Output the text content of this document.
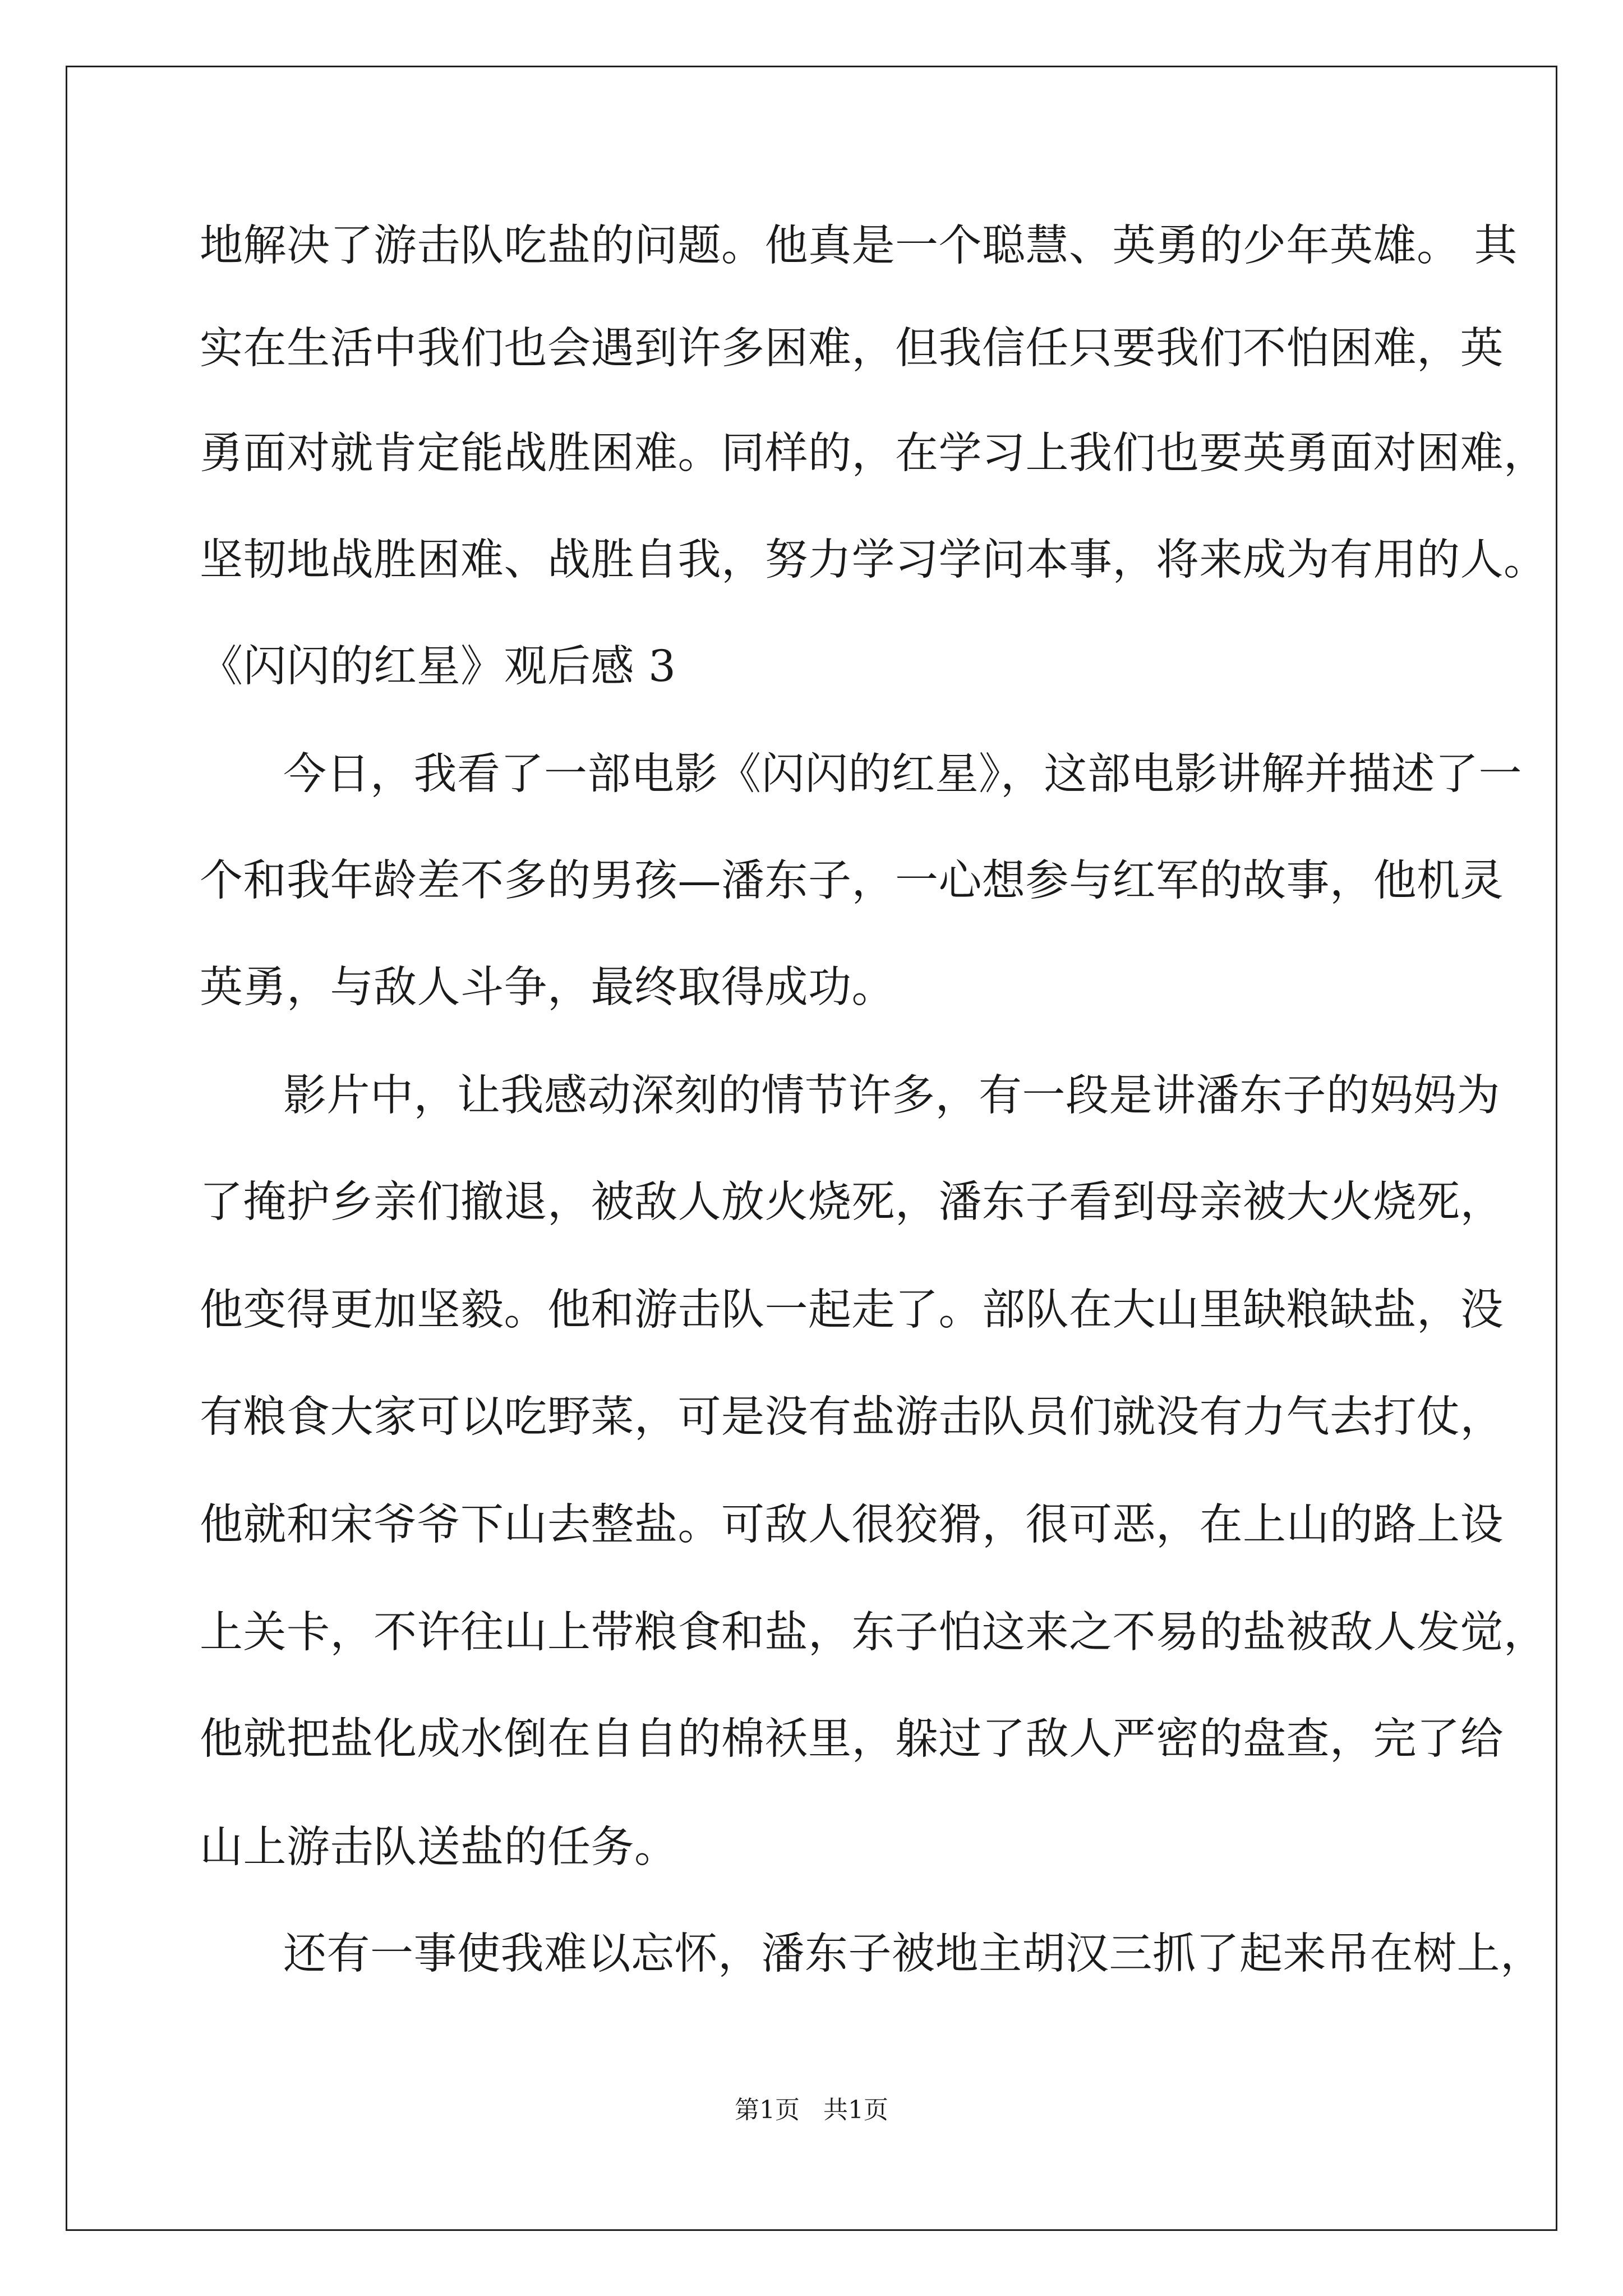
地解决了游击队吃盐的问题。他真是一个聪慧、英勇的少年英雄。 其
实在生活中我们也会遇到许多困难，但我信任只要我们不怕困难，英
勇面对就肯定能战胜困难。同样的，在学习上我们也要英勇面对困难，
坚韧地战胜困难、战胜自我，努力学习学问本事，将来成为有用的人。
《闪闪的红星》观后感 3
今日，我看了一部电影《闪闪的红星》，这部电影讲解并描述了一
个和我年龄差不多的男孩—潘东子，一心想参与红军的故事，他机灵
英勇，与敌人斗争，最终取得成功。
影片中，让我感动深刻的情节许多，有一段是讲潘东子的妈妈为
了掩护乡亲们撤退，被敌人放火烧死，潘东子看到母亲被大火烧死，
他变得更加坚毅。他和游击队一起走了。部队在大山里缺粮缺盐，没
有粮食大家可以吃野菜，可是没有盐游击队员们就没有力气去打仗，
他就和宋爷爷下山去整盐。可敌人很狡猾，很可恶，在上山的路上设
上关卡，不许往山上带粮食和盐，东子怕这来之不易的盐被敌人发觉，
他就把盐化成水倒在自自的棉袄里，躲过了敌人严密的盘查，完了给
山上游击队送盐的任务。
还有一事使我难以忘怀，潘东子被地主胡汉三抓了起来吊在树上，
第1页   共1页
